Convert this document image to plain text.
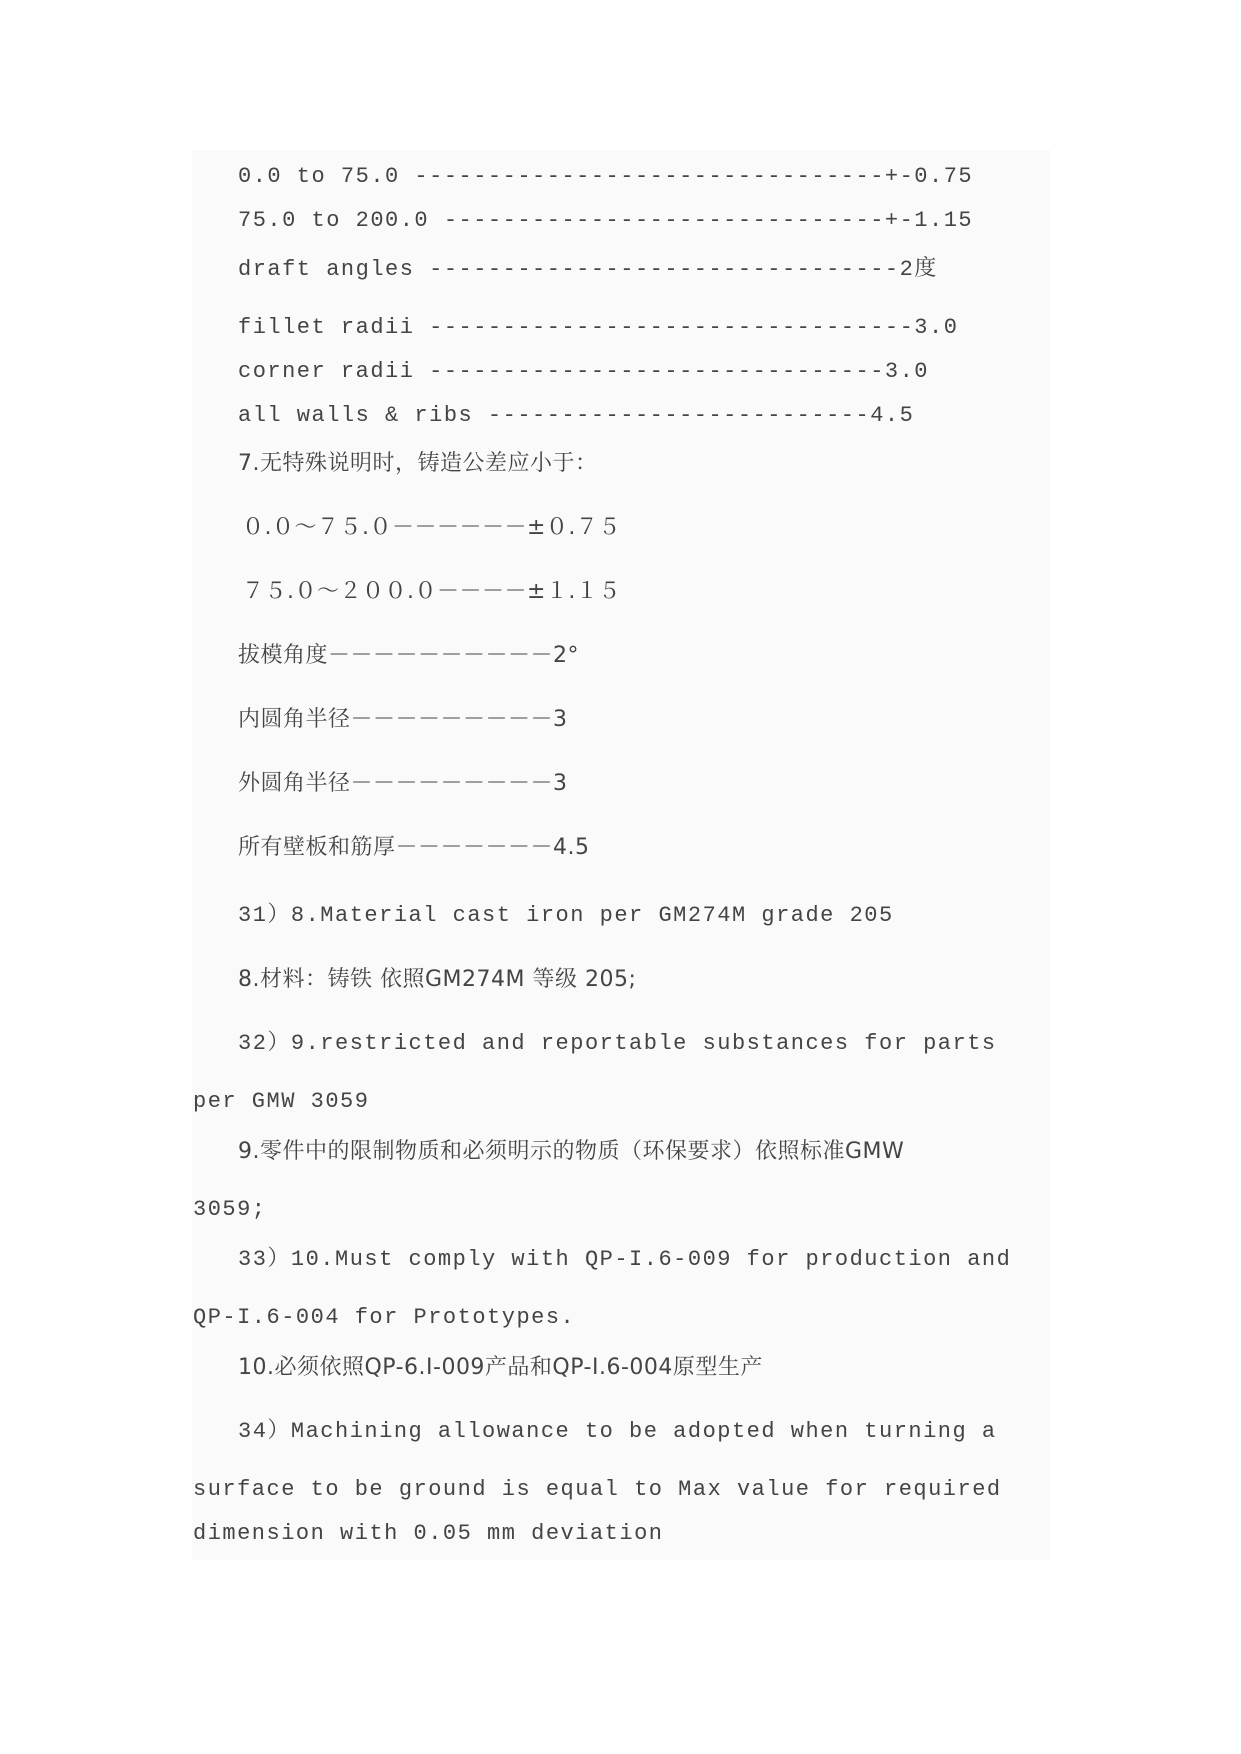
0.0 to 75.0 --------------------------------+-0.75

75.0 to 200.0 ------------------------------+-1.15

draft angles --------------------------------2度

fillet radii ---------------------------------3.0

corner radii -------------------------------3.0

all walls & ribs --------------------------4.5

7.无特殊说明时，铸造公差应小于：

０.０～７５.０－－－－－－±０.７５

７５.０～２００.０－－－－±１.１５

拔模角度－－－－－－－－－－2°

内圆角半径－－－－－－－－－3

外圆角半径－－－－－－－－－3

所有壁板和筋厚－－－－－－－4.5

31）8.Material cast iron per GM274M grade 205

8.材料：铸铁 依照GM274M 等级 205;

32）9.restricted and reportable substances for parts

per GMW 3059

9.零件中的限制物质和必须明示的物质（环保要求）依照标准GMW

3059;

33）10.Must comply with QP-I.6-009 for production and

QP-I.6-004 for Prototypes.

10.必须依照QP-6.I-009产品和QP-I.6-004原型生产

34）Machining allowance to be adopted when turning a

surface to be ground is equal to Max value for required

dimension with 0.05 mm deviation
